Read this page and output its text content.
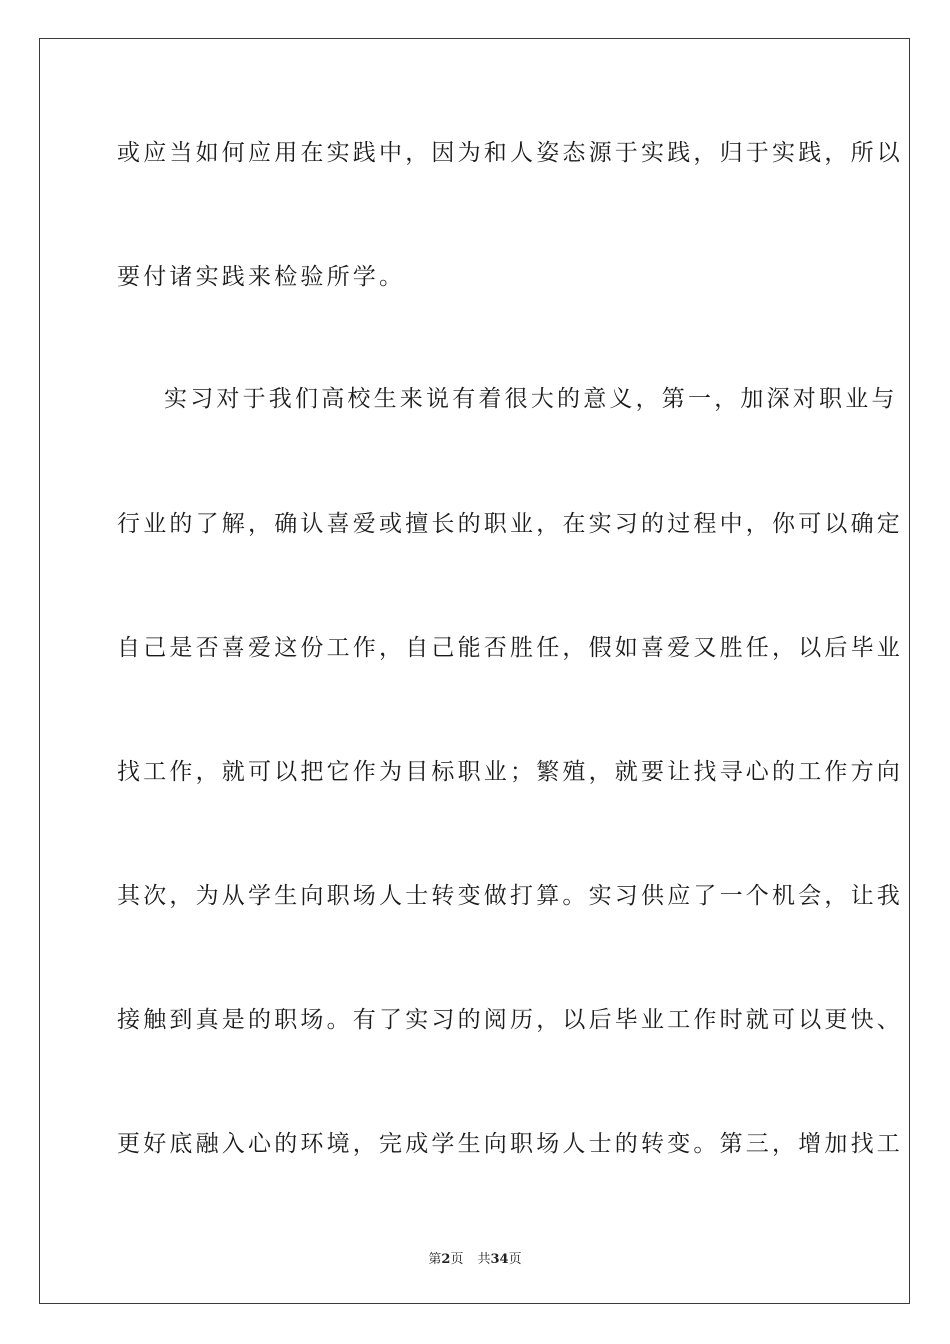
或应当如何应用在实践中，因为和人姿态源于实践，归于实践，所以
要付诸实践来检验所学。
实习对于我们高校生来说有着很大的意义，第一，加深对职业与
行业的了解，确认喜爱或擅长的职业，在实习的过程中，你可以确定
自己是否喜爱这份工作，自己能否胜任，假如喜爱又胜任，以后毕业
找工作，就可以把它作为目标职业；繁殖，就要让找寻心的工作方向
其次，为从学生向职场人士转变做打算。实习供应了一个机会，让我
接触到真是的职场。有了实习的阅历，以后毕业工作时就可以更快、
更好底融入心的环境，完成学生向职场人士的转变。第三，增加找工
第2页 共34页
